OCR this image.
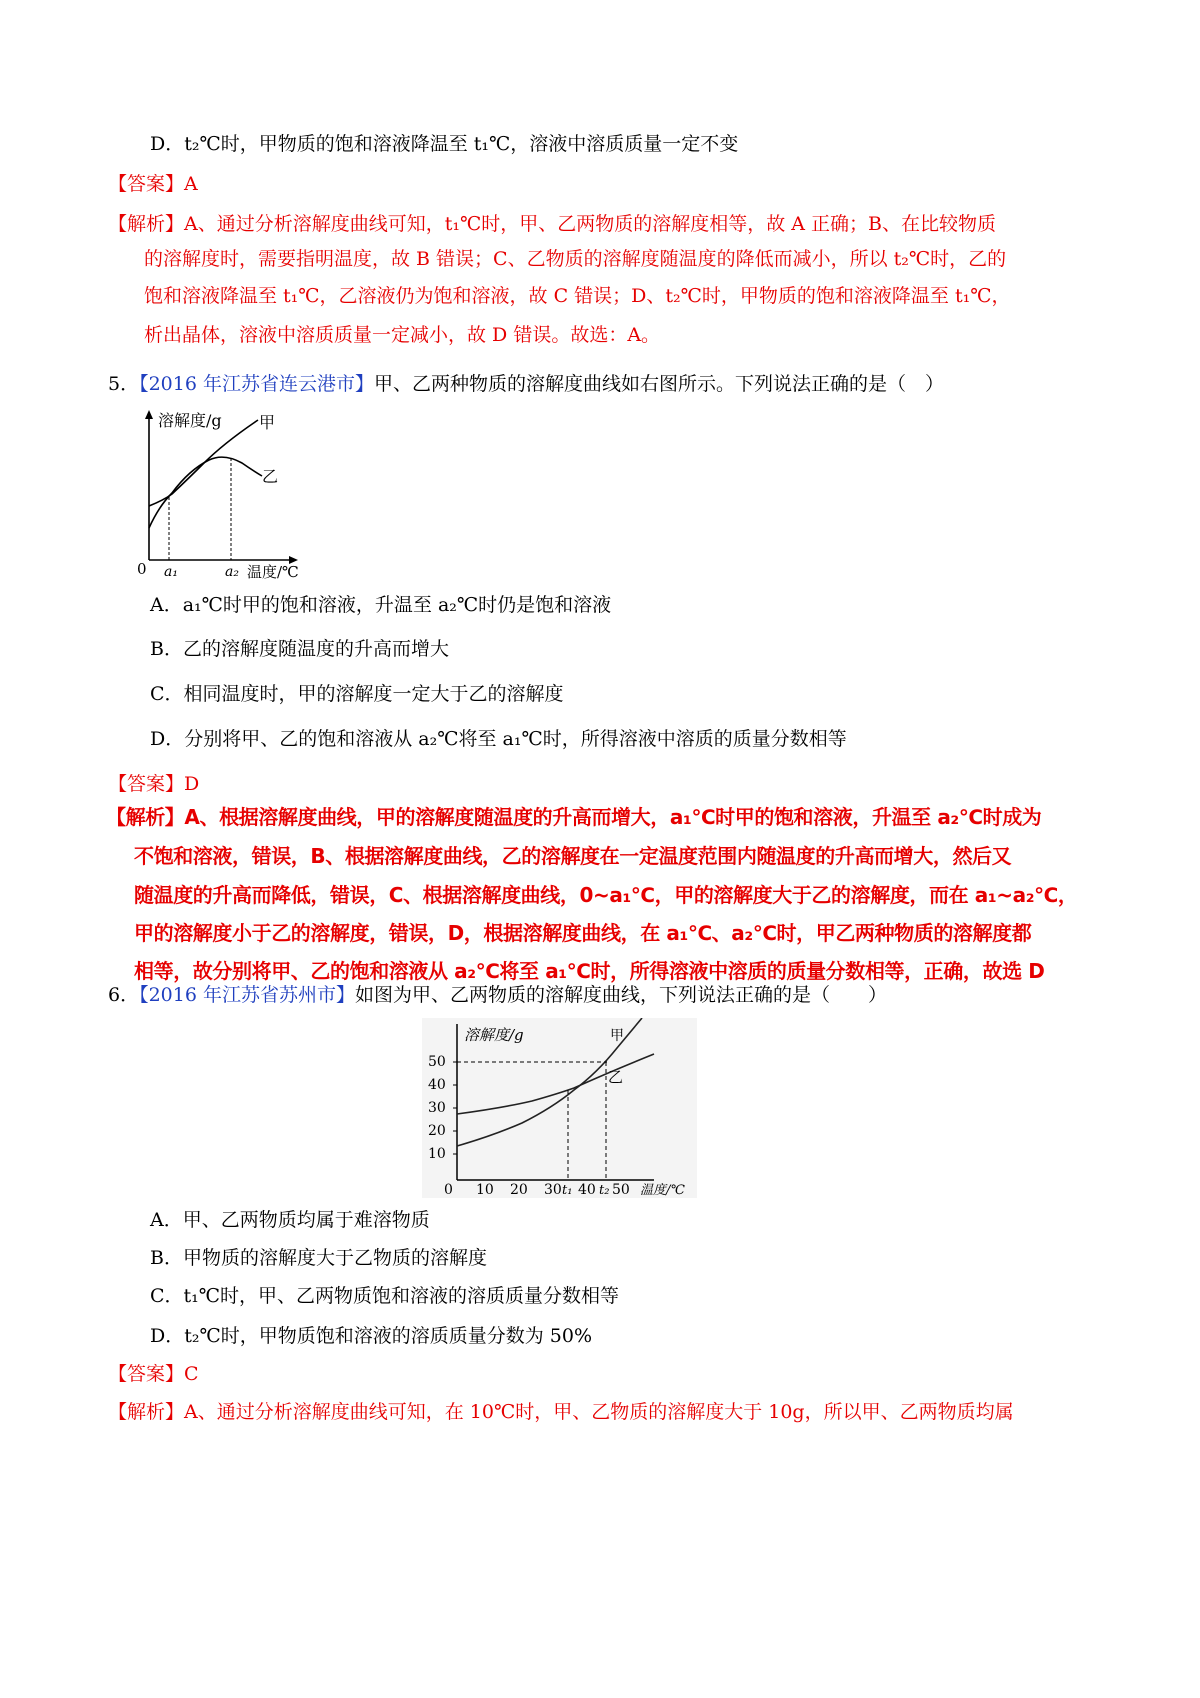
D．t₂℃时，甲物质的饱和溶液降温至 t₁℃，溶液中溶质质量一定不变
【答案】A
【解析】A、通过分析溶解度曲线可知，t₁℃时，甲、乙两物质的溶解度相等，故 A 正确；B、在比较物质
的溶解度时，需要指明温度，故 B 错误；C、乙物质的溶解度随温度的降低而减小，所以 t₂℃时，乙的
饱和溶液降温至 t₁℃，乙溶液仍为饱和溶液，故 C 错误；D、t₂℃时，甲物质的饱和溶液降温至 t₁℃，
析出晶体，溶液中溶质质量一定减小，故 D 错误。故选：A。
5．【2016 年江苏省连云港市】甲、乙两种物质的溶解度曲线如右图所示。下列说法正确的是（　）
溶解度/g 甲
乙
0 a₁	a₂ 温度/℃
A．a₁℃时甲的饱和溶液，升温至 a₂℃时仍是饱和溶液
B．乙的溶解度随温度的升高而增大
C．相同温度时，甲的溶解度一定大于乙的溶解度
D．分别将甲、乙的饱和溶液从 a₂℃将至 a₁℃时，所得溶液中溶质的质量分数相等
【答案】D
【解析】A、根据溶解度曲线，甲的溶解度随温度的升高而增大，a₁℃时甲的饱和溶液，升温至 a₂℃时成为
不饱和溶液，错误，B、根据溶解度曲线，乙的溶解度在一定温度范围内随温度的升高而增大，然后又
随温度的升高而降低，错误，C、根据溶解度曲线，0~a₁℃，甲的溶解度大于乙的溶解度，而在 a₁~a₂℃，
甲的溶解度小于乙的溶解度，错误，D，根据溶解度曲线，在 a₁℃、a₂℃时，甲乙两种物质的溶解度都
相等，故分别将甲、乙的饱和溶液从 a₂℃将至 a₁℃时，所得溶液中溶质的质量分数相等，正确，故选 D
6．【2016 年江苏省苏州市】如图为甲、乙两物质的溶解度曲线，下列说法正确的是（　　）
溶解度/g	甲
乙
50
40
30
20
10
0 10 20 30 t₁ 40 t₂ 50 温度/℃
A．甲、乙两物质均属于难溶物质
B．甲物质的溶解度大于乙物质的溶解度
C．t₁℃时，甲、乙两物质饱和溶液的溶质质量分数相等
D．t₂℃时，甲物质饱和溶液的溶质质量分数为 50%
【答案】C
【解析】A、通过分析溶解度曲线可知，在 10℃时，甲、乙物质的溶解度大于 10g，所以甲、乙两物质均属
